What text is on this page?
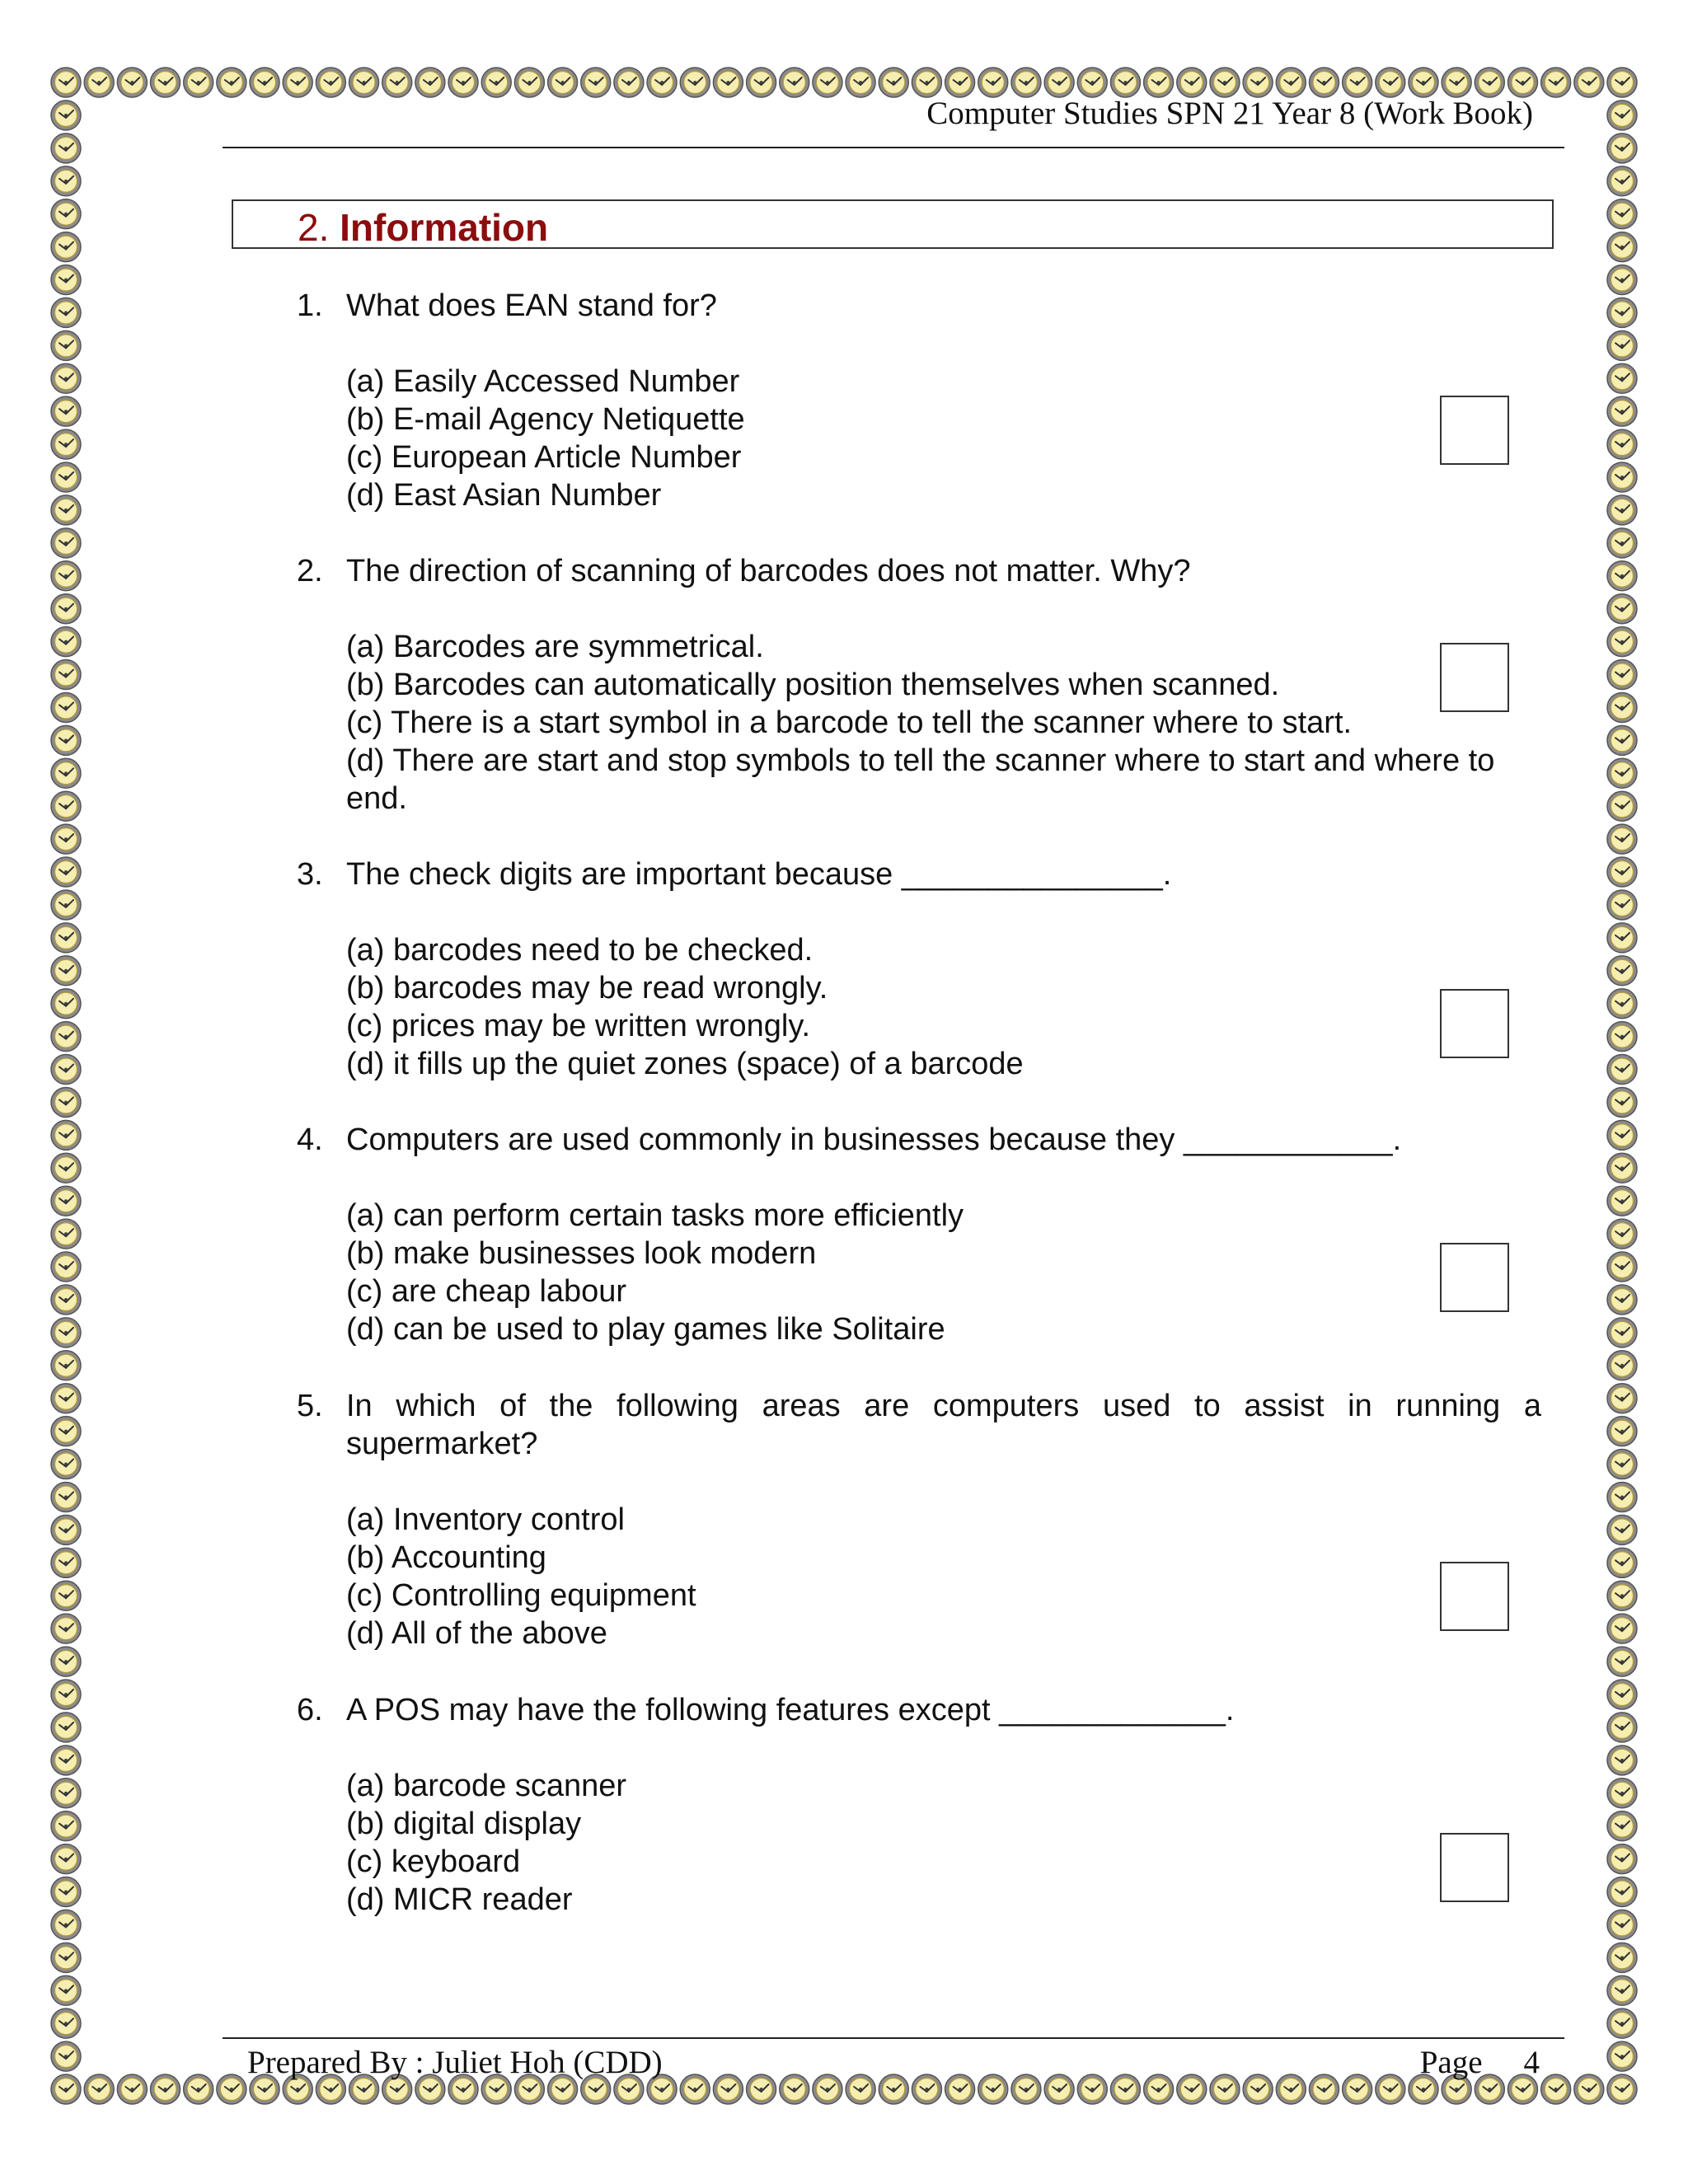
Computer Studies SPN 21 Year 8 (Work Book)
2. Information
1. What does EAN stand for?
(a) Easily Accessed Number
(b) E-mail Agency Netiquette
(c) European Article Number
(d) East Asian Number
2. The direction of scanning of barcodes does not matter. Why?
(a) Barcodes are symmetrical.
(b) Barcodes can automatically position themselves when scanned.
(c) There is a start symbol in a barcode to tell the scanner where to start.
(d) There are start and stop symbols to tell the scanner where to start and where to end.
3. The check digits are important because _______________.
(a) barcodes need to be checked.
(b) barcodes may be read wrongly.
(c) prices may be written wrongly.
(d) it fills up the quiet zones (space) of a barcode
4. Computers are used commonly in businesses because they ____________.
(a) can perform certain tasks more efficiently
(b) make businesses look modern
(c) are cheap labour
(d) can be used to play games like Solitaire
5. In which of the following areas are computers used to assist in running a
supermarket?
(a) Inventory control
(b) Accounting
(c) Controlling equipment
(d) All of the above
6. A POS may have the following features except _____________.
(a) barcode scanner
(b) digital display
(c) keyboard
(d) MICR reader
Prepared By : Juliet Hoh (CDD)	Page 4
